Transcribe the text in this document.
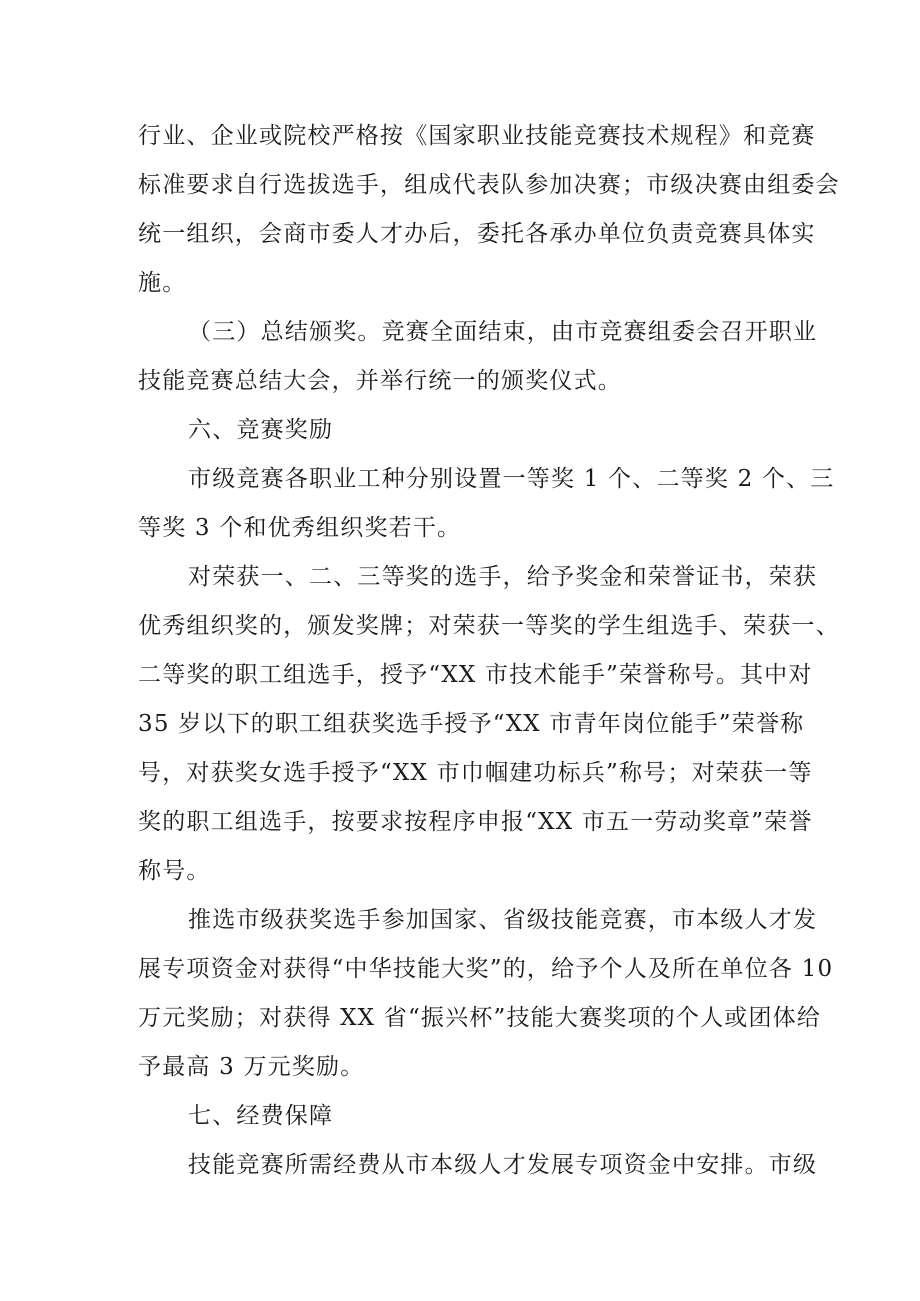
行业、企业或院校严格按《国家职业技能竞赛技术规程》和竞赛
标准要求自行选拔选手，组成代表队参加决赛；市级决赛由组委会
统一组织，会商市委人才办后，委托各承办单位负责竞赛具体实
施。
（三）总结颁奖。竞赛全面结束，由市竞赛组委会召开职业
技能竞赛总结大会，并举行统一的颁奖仪式。
六、竞赛奖励
市级竞赛各职业工种分别设置一等奖 1 个、二等奖 2 个、三
等奖 3 个和优秀组织奖若干。
对荣获一、二、三等奖的选手，给予奖金和荣誉证书，荣获
优秀组织奖的，颁发奖牌；对荣获一等奖的学生组选手、荣获一、
二等奖的职工组选手，授予“XX 市技术能手”荣誉称号。其中对
35 岁以下的职工组获奖选手授予“XX 市青年岗位能手”荣誉称
号，对获奖女选手授予“XX 市巾帼建功标兵”称号；对荣获一等
奖的职工组选手，按要求按程序申报“XX 市五一劳动奖章”荣誉
称号。
推选市级获奖选手参加国家、省级技能竞赛，市本级人才发
展专项资金对获得“中华技能大奖”的，给予个人及所在单位各 10
万元奖励；对获得 XX 省“振兴杯”技能大赛奖项的个人或团体给
予最高 3 万元奖励。
七、经费保障
技能竞赛所需经费从市本级人才发展专项资金中安排。市级
